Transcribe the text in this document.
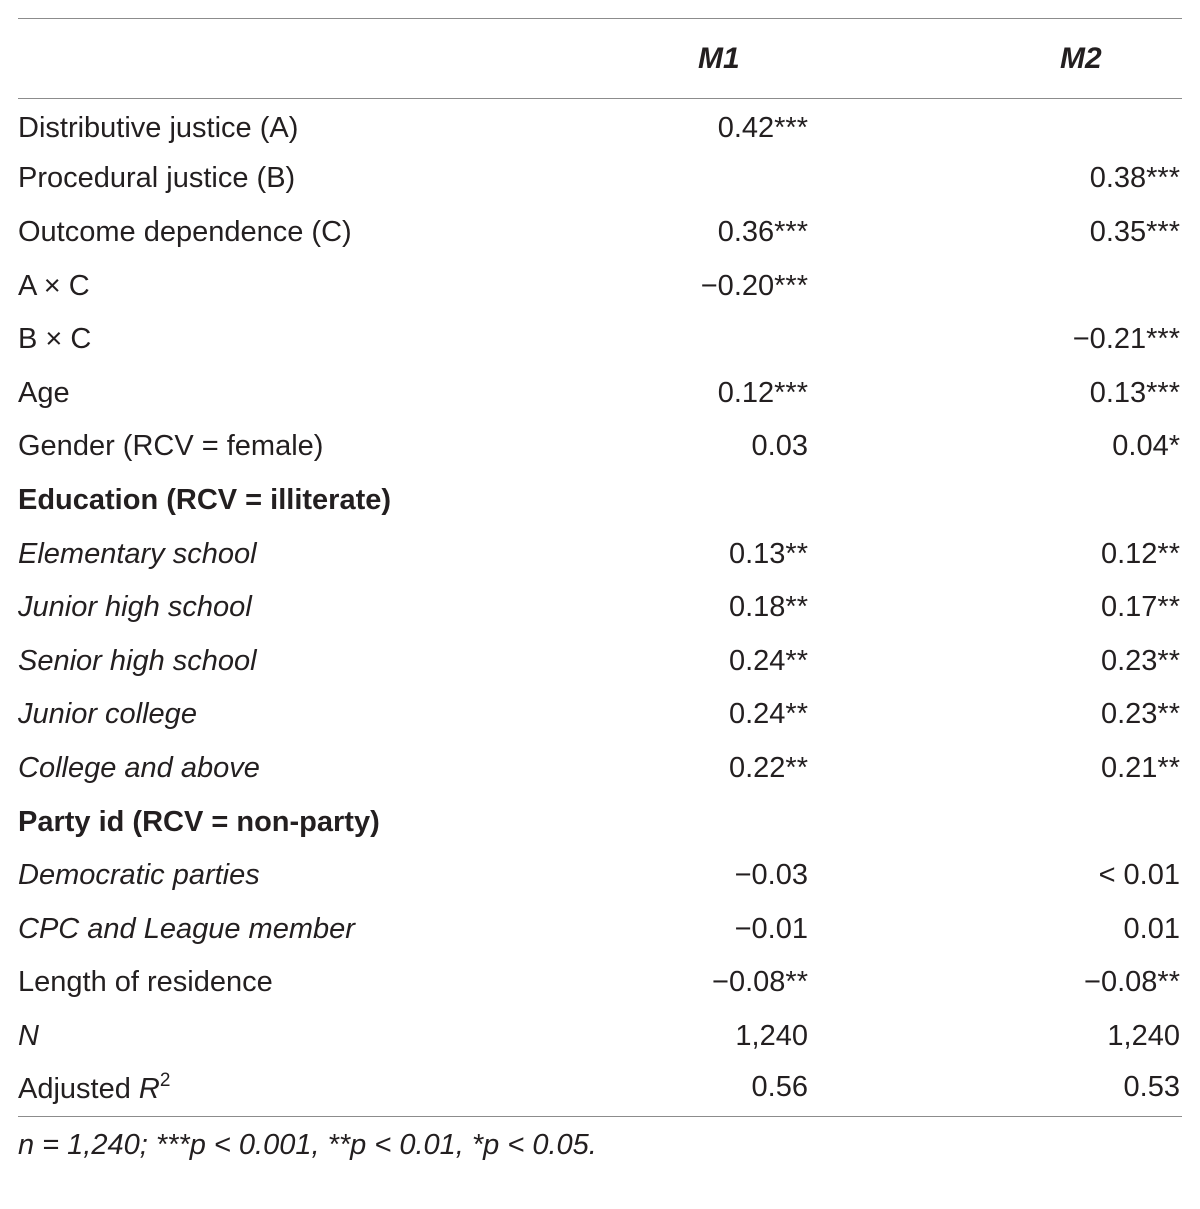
	M1	M2
Distributive justice (A)	0.42***	
Procedural justice (B)		0.38***
Outcome dependence (C)	0.36***	0.35***
A × C	−0.20***	
B × C		−0.21***
Age	0.12***	0.13***
Gender (RCV = female)	0.03	0.04*
Education (RCV = illiterate)		
Elementary school	0.13**	0.12**
Junior high school	0.18**	0.17**
Senior high school	0.24**	0.23**
Junior college	0.24**	0.23**
College and above	0.22**	0.21**
Party id (RCV = non-party)		
Democratic parties	−0.03	< 0.01
CPC and League member	−0.01	0.01
Length of residence	−0.08**	−0.08**
N	1,240	1,240
Adjusted $R^2$	0.56	0.53
n = 1,240; ***p < 0.001, **p < 0.01, *p < 0.05.
